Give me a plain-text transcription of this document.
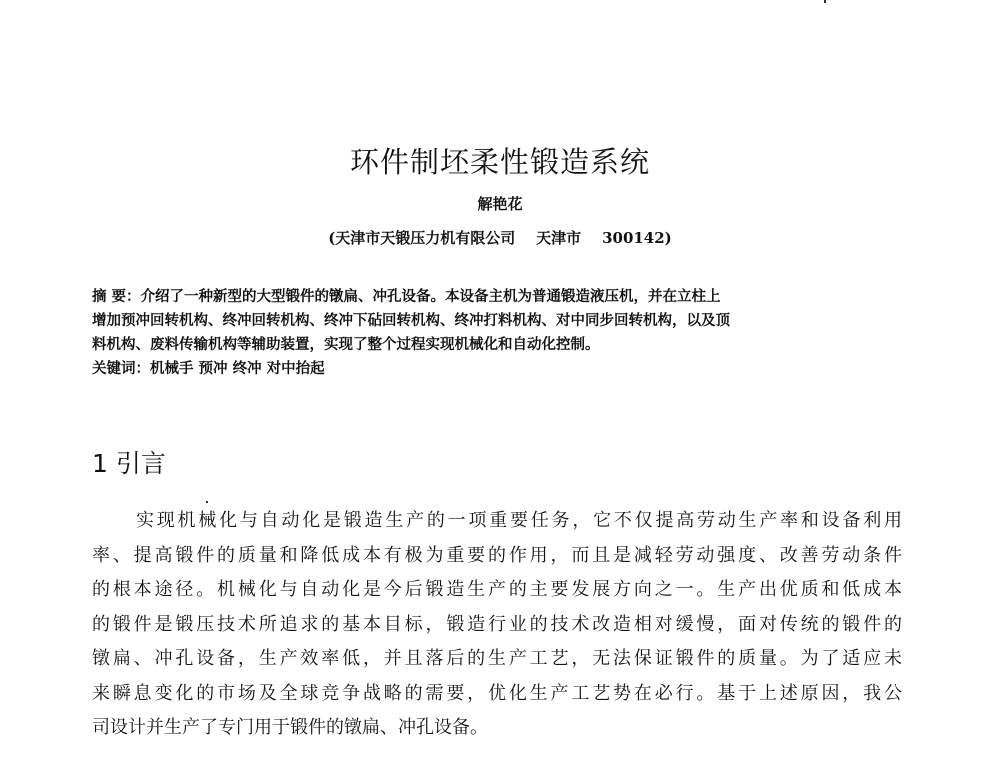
环件制坯柔性锻造系统
解艳花
(天津市天锻压力机有限公司    天津市    300142)
摘 要：介绍了一种新型的大型锻件的镦扁、冲孔设备。本设备主机为普通锻造液压机，并在立柱上
增加预冲回转机构、终冲回转机构、终冲下砧回转机构、终冲打料机构、对中同步回转机构，以及顶
料机构、废料传输机构等辅助装置，实现了整个过程实现机械化和自动化控制。
关键词：机械手 预冲 终冲 对中抬起
1 引言
实现机械化与自动化是锻造生产的一项重要任务，它不仅提高劳动生产率和设备利用
率、提高锻件的质量和降低成本有极为重要的作用，而且是减轻劳动强度、改善劳动条件
的根本途径。机械化与自动化是今后锻造生产的主要发展方向之一。生产出优质和低成本
的锻件是锻压技术所追求的基本目标，锻造行业的技术改造相对缓慢，面对传统的锻件的
镦扁、冲孔设备，生产效率低，并且落后的生产工艺，无法保证锻件的质量。为了适应未
来瞬息变化的市场及全球竞争战略的需要，优化生产工艺势在必行。基于上述原因，我公
司设计并生产了专门用于锻件的镦扁、冲孔设备。
